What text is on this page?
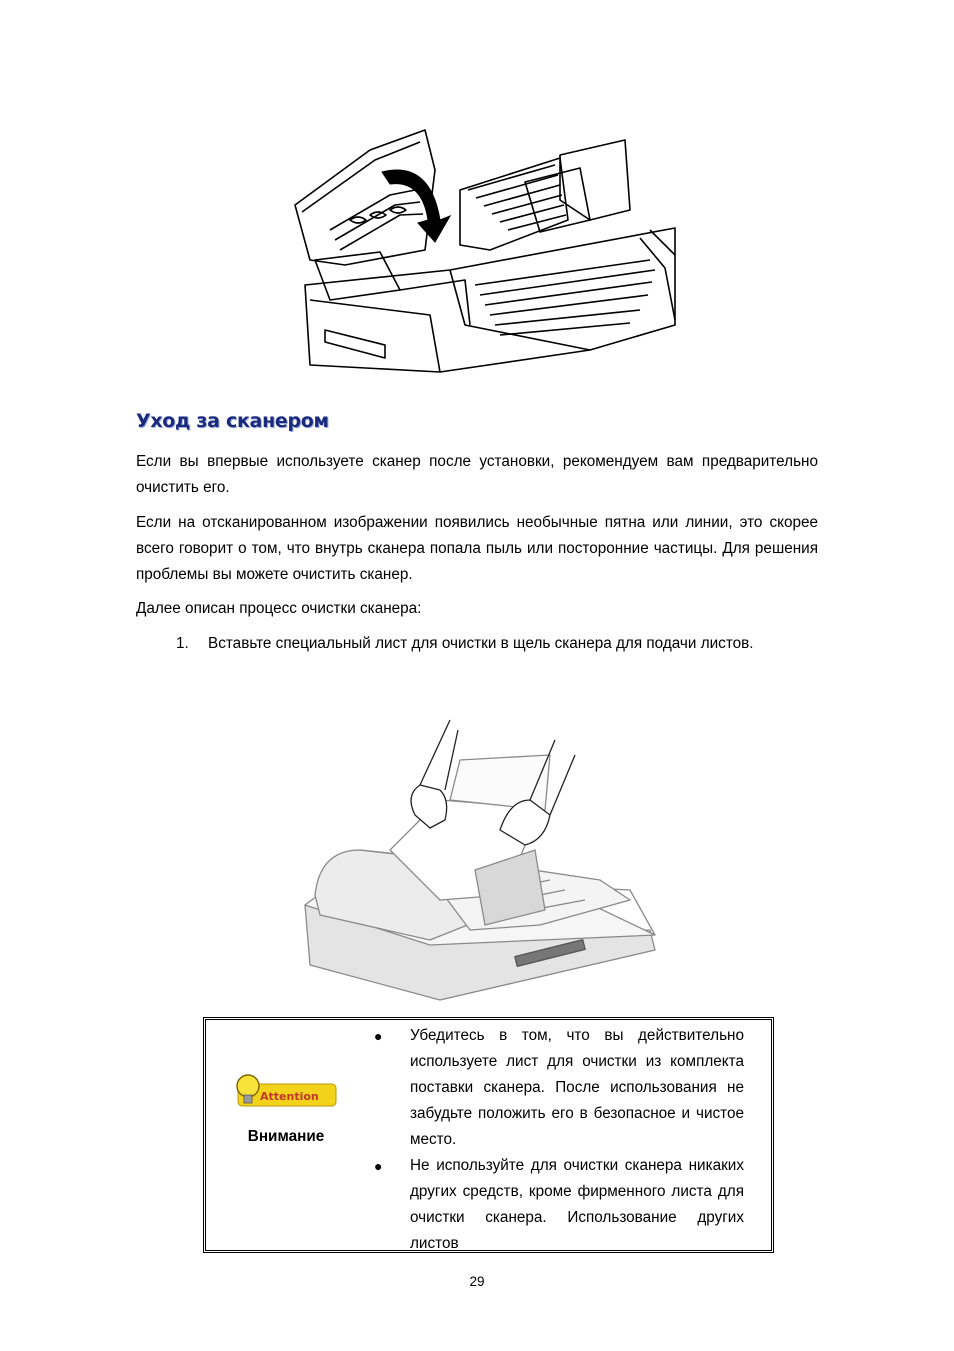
Уход за сканером

Если вы впервые используете сканер после установки, рекомендуем вам предварительно очистить его.

Если на отсканированном изображении появились необычные пятна или линии, это скорее всего говорит о том, что внутрь сканера попала пыль или посторонние частицы. Для решения проблемы вы можете очистить сканер.

Далее описан процесс очистки сканера:

1. Вставьте специальный лист для очистки в щель сканера для подачи листов.
Attention
Внимание
● Убедитесь в том, что вы действительно используете лист для очистки из комплекта поставки сканера. После использования не забудьте положить его в безопасное и чистое место.
● Не используйте для очистки сканера никаких других средств, кроме фирменного листа для очистки сканера. Использование других листов
29
